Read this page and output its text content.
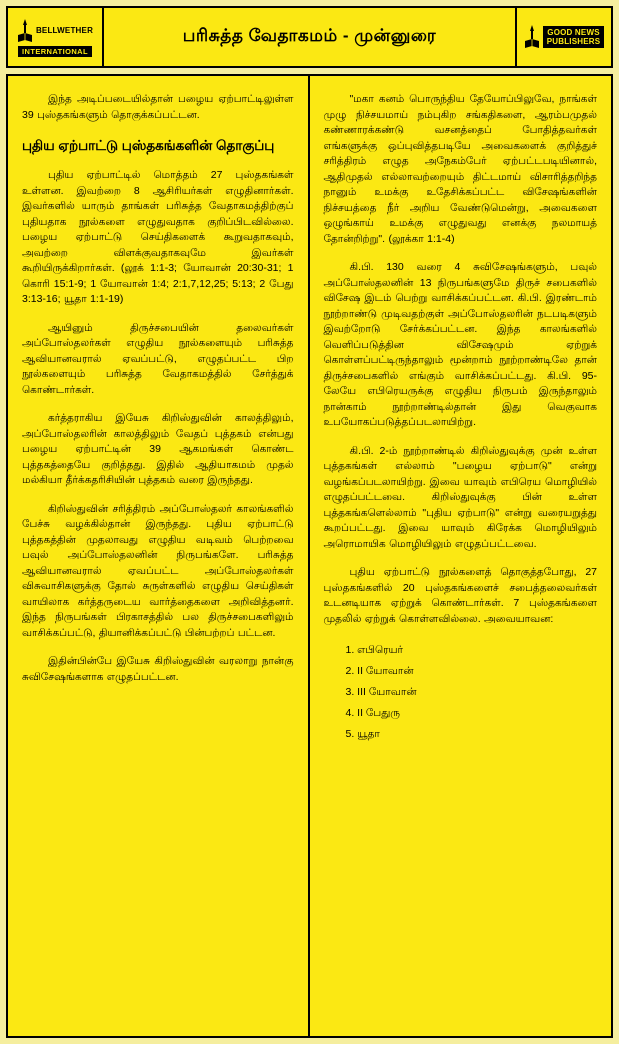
BELLWETHER
INTERNATIONAL
பரிசுத்த வேதாகமம் - முன்னுரை	GOOD NEWS
PUBLISHERS

இந்த அடிப்படையில்தான் பழைய ஏற்பாட்டிலுள்ள 39 புஸ்தகங்களும் தொகுக்கப்பட்டன.

புதிய ஏற்பாட்டு புஸ்தகங்களின் தொகுப்பு

புதிய ஏற்பாட்டில் மொத்தம் 27 புஸ்தகங்கள் உள்ளன. இவற்றை 8 ஆசிரியர்கள் எழுதினார்கள். இவர்களில் யாரும் தாங்கள் பரிசுத்த வேதாகமத்திற்குப் புதியதாக நூல்களை எழுதுவதாக குறிப்பிடவில்லை. பழைய ஏற்பாட்டு செய்திகளைக் கூறுவதாகவும், அவற்றை விளக்குவதாகவுமே இவர்கள் கூறியிருக்கிறார்கள். (லூக் 1:1-3; யோவான் 20:30-31; 1 கொரி 15:1-9; 1 யோவான் 1:4; 2:1,7,12,25; 5:13; 2 பேது 3:13-16; யூதா 1:1-19)

ஆயினும் திருச்சபையின் தலைவர்கள் அப்போஸ்தலர்கள் எழுதிய நூல்களையும் பரிசுத்த ஆவியானவரால் ஏவப்பட்டு, எழுதப்பட்ட பிற நூல்களையும் பரிசுத்த வேதாகமத்தில் சேர்த்துக் கொண்டார்கள்.

கர்த்தராகிய இயேசு கிறிஸ்துவின் காலத்திலும், அப்போஸ்தலரின் காலத்திலும் வேதப் புத்தகம் என்பது பழைய ஏற்பாட்டின் 39 ஆகமங்கள் கொண்ட புத்தகத்தையே குறித்தது. இதில் ஆதியாகமம் முதல் மல்கியா தீர்க்கதரிசியின் புத்தகம் வரை இருந்தது.

கிறிஸ்துவின் சரித்திரம் அப்போஸ்தலர் காலங்களில் பேச்சு வழக்கில்தான் இருந்தது. புதிய ஏற்பாட்டு புத்தகத்தின் முதலாவது எழுதிய வடிவம் பெற்றவை பவுல் அப்போஸ்தலனின் நிருபங்களே. பரிசுத்த ஆவியானவரால் ஏவப்பட்ட அப்போஸ்தலர்கள் விசுவாசிகளுக்கு தோல் சுருள்களில் எழுதிய செய்திகள் வாயிலாக கர்த்தருடைய வார்த்தைகளை அறிவித்தனர். இந்த நிருபங்கள் பிரகாசத்தில் பல திருச்சபைகளிலும் வாசிக்கப்பட்டு, தியானிக்கப்பட்டு பின்பற்றப் பட்டன.

இதின்பின்பே இயேசு கிறிஸ்துவின் வரலாறு நான்கு சுவிசேஷங்களாக எழுதப்பட்டன.

"மகா கனம் பொருந்திய தேயோப்பிலுவே, நாங்கள் முழு நிச்சயமாய் நம்புகிற சங்கதிகளை, ஆரம்பமுதல் கண்ணாரக்கண்டு வசனத்தைப் போதித்தவர்கள் எங்களுக்கு ஒப்புவித்தபடியே அவைகளைக் குறித்துச் சரித்திரம் எழுத அநேகம்பேர் ஏற்பட்டபடியினால், ஆதிமுதல் எல்லாவற்றையும் திட்டமாய் விசாரித்தறிந்த நானும் உமக்கு உதேசிக்கப்பட்ட விசேஷங்களின் நிச்சயத்தை நீர் அறிய வேண்டுமென்று, அவைகளை ஒழுங்காய் உமக்கு எழுதுவது எனக்கு நலமாயத் தோன்றிற்று". (லூக்கா 1:1-4)

கி.பி. 130 வரை 4 சுவிசேஷங்களும், பவுல் அப்போஸ்தலனின் 13 நிருபங்களுமே திருச் சபைகளில் விசேஷ இடம் பெற்று வாசிக்கப்பட்டன. கி.பி. இரண்டாம் நூற்றாண்டு முடிவதற்குள் அப்போஸ்தலரின் நடபடிகளும் இவற்றோடு சேர்க்கப்பட்டன. இந்த காலங்களில் வெளிப்படுத்தின விசேஷமும் ஏற்றுக் கொள்ளப்பட்டிருந்தாலும் மூன்றாம் நூற்றாண்டிலே தான் திருச்சபைகளில் எங்கும் வாசிக்கப்பட்டது. கி.பி. 95-லேயே எபிரெயருக்கு எழுதிய நிருபம் இருந்தாலும் நான்காம் நூற்றாண்டில்தான் இது வெகுவாக உபயோகப்படுத்தப்படலாயிற்று.

கி.பி. 2-ம் நூற்றாண்டில் கிறிஸ்துவுக்கு முன் உள்ள புத்தகங்கள் எல்லாம் "பழைய ஏற்பாடு" என்று வழங்கப்படலாயிற்று. இவை யாவும் எபிரெய மொழியில் எழுதப்பட்டவை. கிறிஸ்துவுக்கு பின் உள்ள புத்தகங்களெல்லாம் "புதிய ஏற்பாடு" என்று வரையறுத்து கூறப்பட்டது. இவை யாவும் கிரேக்க மொழியிலும் அரொமாயிக மொழியிலும் எழுதப்பட்டவை.

புதிய ஏற்பாட்டு நூல்களைத் தொகுத்தபோது, 27 புஸ்தகங்களில் 20 புஸ்தகங்களைச் சபைத்தலைவர்கள் உடனடியாக ஏற்றுக் கொண்டார்கள். 7 புஸ்தகங்களை முதலில் ஏற்றுக் கொள்ளவில்லை. அவையாவன:

1. எபிரெயர்
2. II யோவான்
3. III யோவான்
4. II பேதுரு
5. யூதா
